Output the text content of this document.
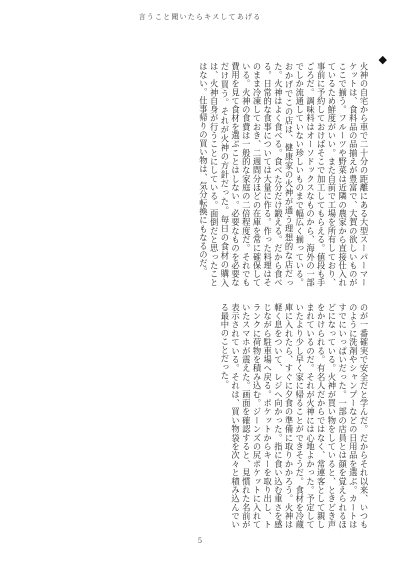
言うこと聞いたらキスしてあげる
◆
火神の自宅から車で二十分の距離にある大型スーパーマーケットは、食料品の品揃えが豊富で、大賀の欲しいものがここで揃う。フルーツや野菜は近隣の農家から直接仕入れているため鮮度がいい。また自前で工場を所有しており、事前に予約しておけばそこで加工してもらえる。値段も手ごろだ。調味料はオーソドックスなものから、海外の一部でしか流通していない珍しいものまで幅広く揃っている。おかげでこの店は、健康家の火神が通う理想的な店だった。火神はよく食べる。食べた分だけ鍛える。だから食べる。日常的な食事については大量に作る。作った料理はそのまま冷凍しておき、二週間分ほどの在庫を常に確保している。火神の食費は一般的な家庭の二倍程度だ。それでも費用を見て食材を選ぶことはしない。必要なものを必要なだけ買う。それが火神の方針だった。毎日の食材の購入は、火神自身が行うことにしている。面倒だと思ったことはない。仕事帰りの買い物は、気分転換にもなるのだ。
のが一番確実で安全だと学んだ。だからそれ以来、いつものように洗剤やシャンプーなどの日用品を選ぶ。カートはすでにいっぱいだった。一部の店員とは顔を覚えられるほどになっている。火神が買い物をしていると、ときどき声をかけられる。有名人だからではなく、常連客として親しまれているのだ。それが火神には心地よかった。予定していたより少し早く家に帰ることができそうだ。食材を冷蔵庫に入れたら、すぐに夕食の準備に取りかかろう。火神は軽く息をついて、レジへ向かった。指に食い込む重さを感じながら駐車場へ戻る。ポケットからキーを取り出し、トランクに荷物を積み込む。ジーンズの尻ポケットに入れていたスマホが震えた。画面を確認すると、見慣れた名前が表示されている。それは、買い物袋を次々と積み込んでいる最中のことだった。
5
